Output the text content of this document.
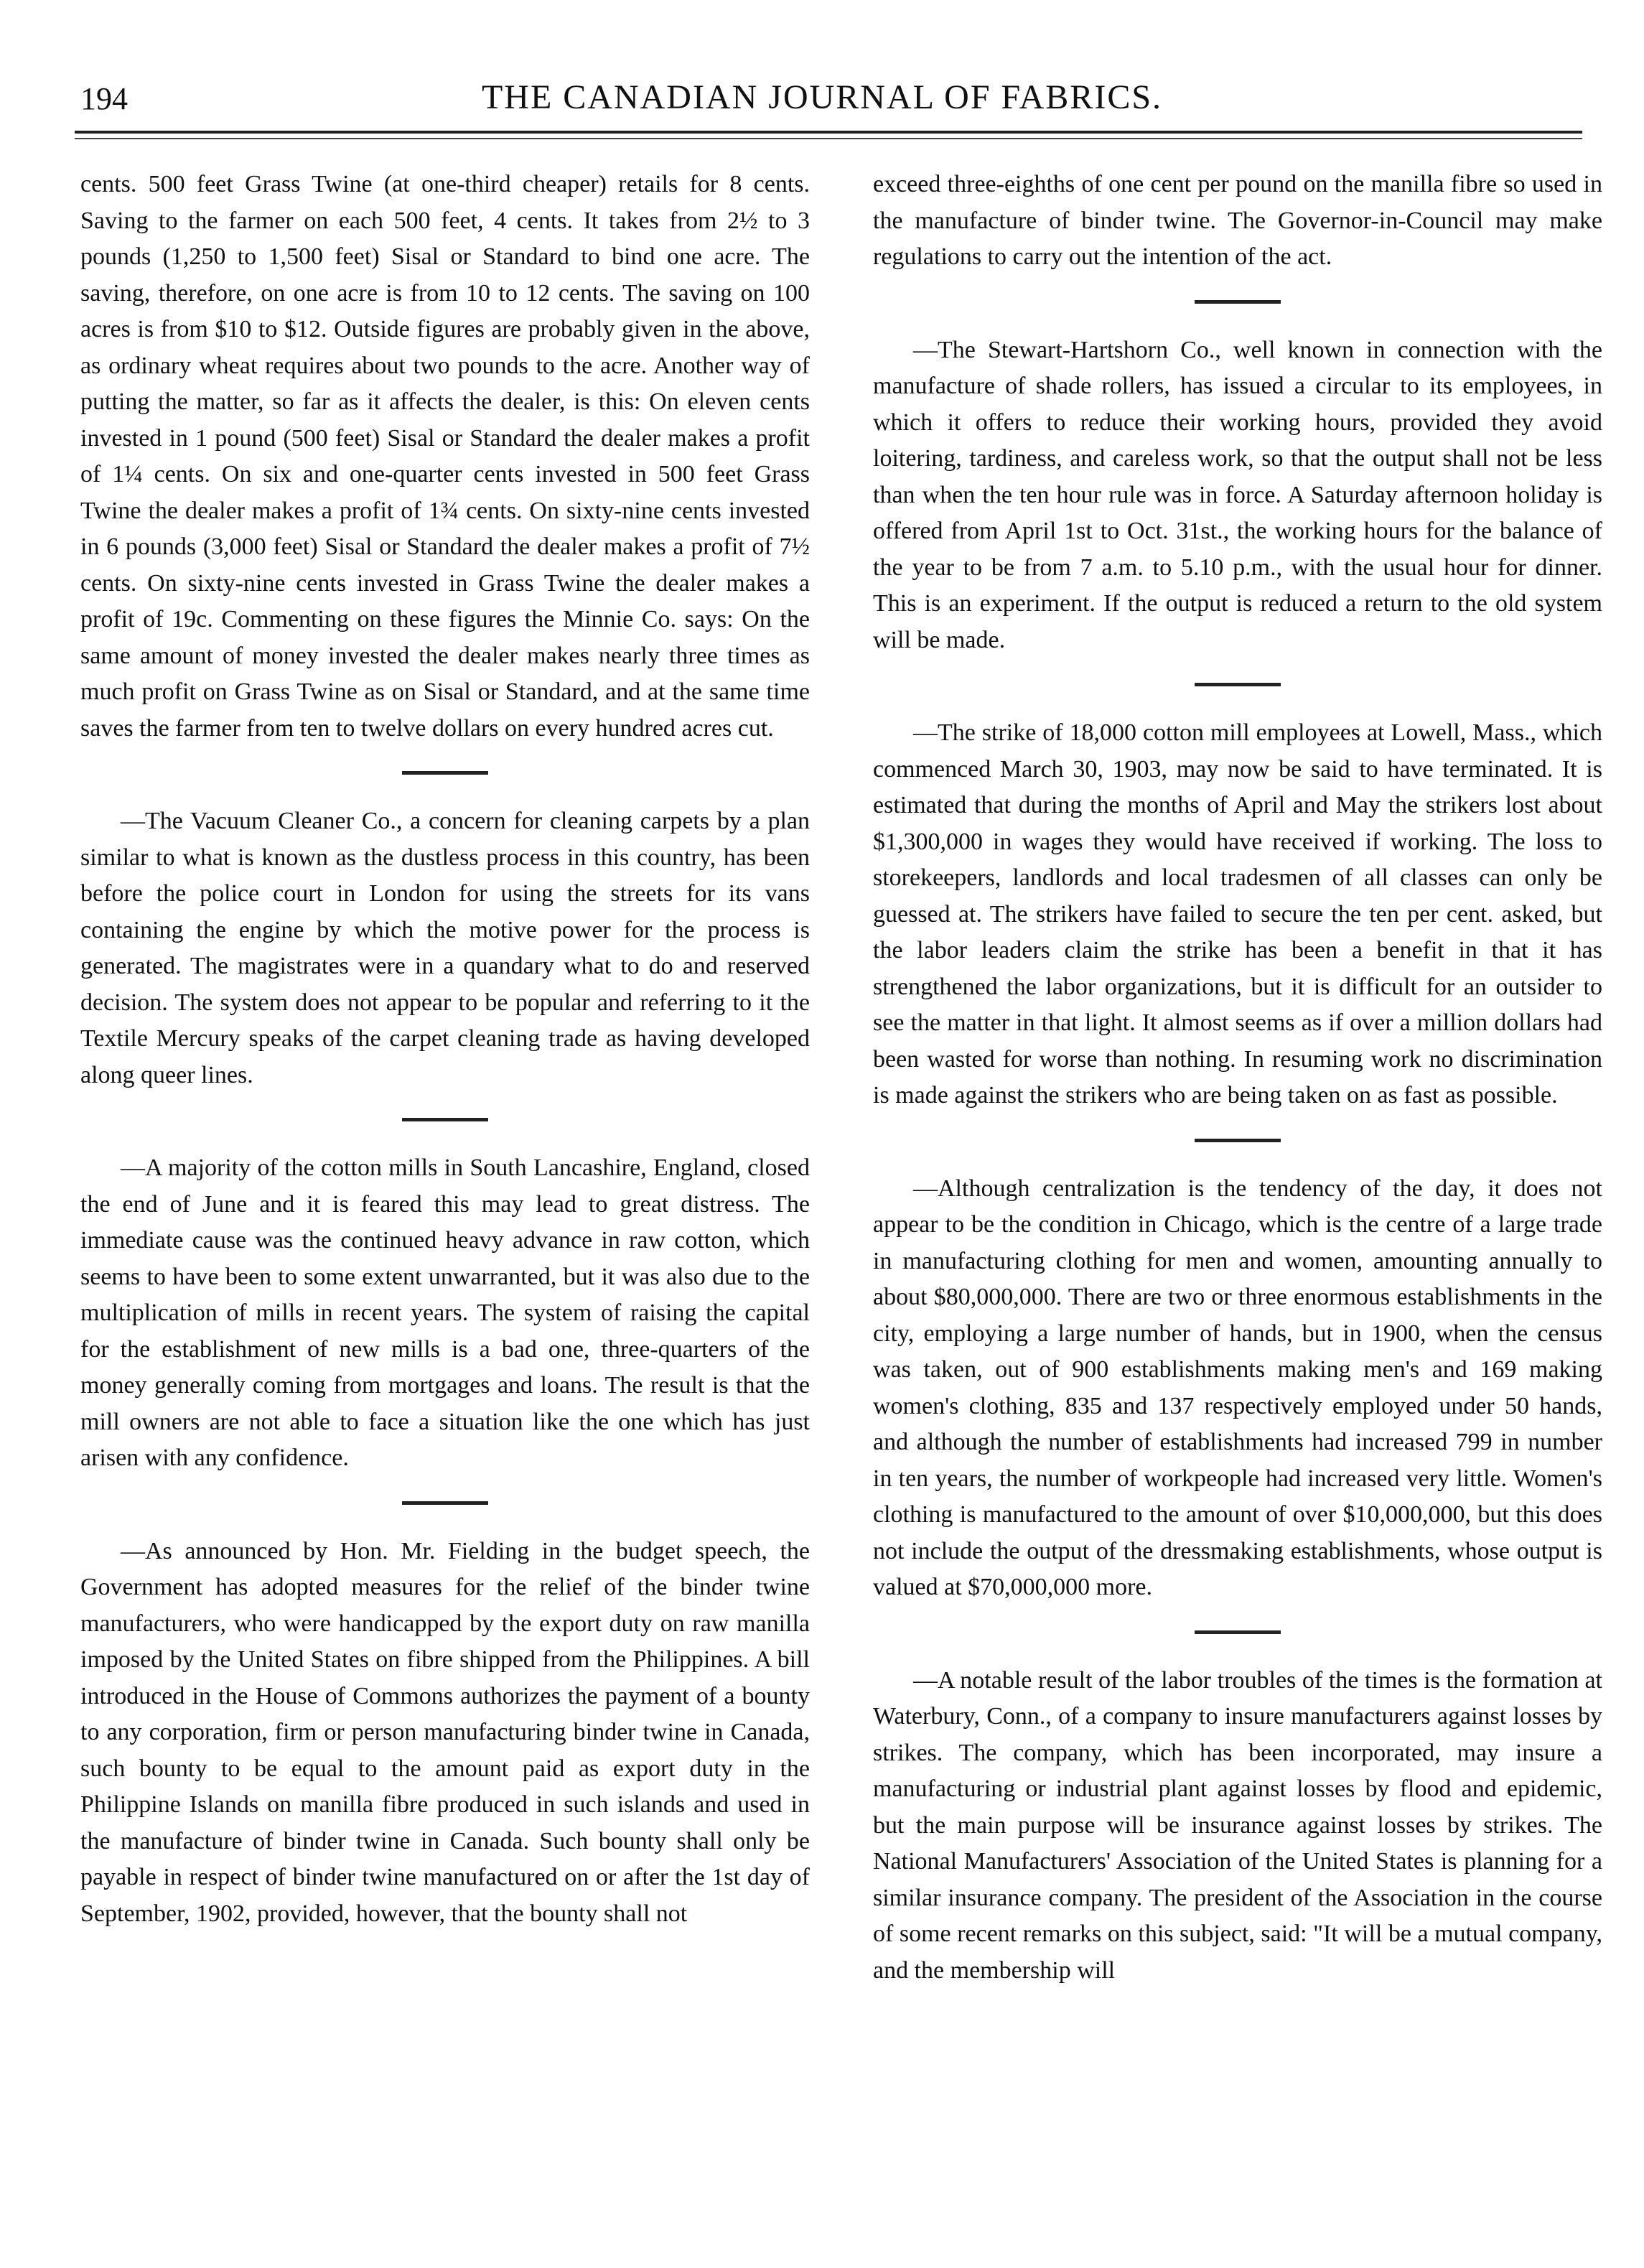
194	THE CANADIAN JOURNAL OF FABRICS.

cents. 500 feet Grass Twine (at one-third cheaper) retails for 8 cents. Saving to the farmer on each 500 feet, 4 cents. It takes from 2½ to 3 pounds (1,250 to 1,500 feet) Sisal or Standard to bind one acre. The saving, therefore, on one acre is from 10 to 12 cents. The saving on 100 acres is from $10 to $12. Outside figures are probably given in the above, as ordinary wheat requires about two pounds to the acre. Another way of putting the matter, so far as it affects the dealer, is this: On eleven cents invested in 1 pound (500 feet) Sisal or Standard the dealer makes a profit of 1¼ cents. On six and one-quarter cents invested in 500 feet Grass Twine the dealer makes a profit of 1¾ cents. On sixty-nine cents invested in 6 pounds (3,000 feet) Sisal or Standard the dealer makes a profit of 7½ cents. On sixty-nine cents invested in Grass Twine the dealer makes a profit of 19c. Commenting on these figures the Minnie Co. says: On the same amount of money invested the dealer makes nearly three times as much profit on Grass Twine as on Sisal or Standard, and at the same time saves the farmer from ten to twelve dollars on every hundred acres cut.

—The Vacuum Cleaner Co., a concern for cleaning carpets by a plan similar to what is known as the dustless process in this country, has been before the police court in London for using the streets for its vans containing the engine by which the motive power for the process is generated. The magistrates were in a quandary what to do and reserved decision. The system does not appear to be popular and referring to it the Textile Mercury speaks of the carpet cleaning trade as having developed along queer lines.

—A majority of the cotton mills in South Lancashire, England, closed the end of June and it is feared this may lead to great distress. The immediate cause was the continued heavy advance in raw cotton, which seems to have been to some extent unwarranted, but it was also due to the multiplication of mills in recent years. The system of raising the capital for the establishment of new mills is a bad one, three-quarters of the money generally coming from mortgages and loans. The result is that the mill owners are not able to face a situation like the one which has just arisen with any confidence.

—As announced by Hon. Mr. Fielding in the budget speech, the Government has adopted measures for the relief of the binder twine manufacturers, who were handicapped by the export duty on raw manilla imposed by the United States on fibre shipped from the Philippines. A bill introduced in the House of Commons authorizes the payment of a bounty to any corporation, firm or person manufacturing binder twine in Canada, such bounty to be equal to the amount paid as export duty in the Philippine Islands on manilla fibre produced in such islands and used in the manufacture of binder twine in Canada. Such bounty shall only be payable in respect of binder twine manufactured on or after the 1st day of September, 1902, provided, however, that the bounty shall not

exceed three-eighths of one cent per pound on the manilla fibre so used in the manufacture of binder twine. The Governor-in-Council may make regulations to carry out the intention of the act.

—The Stewart-Hartshorn Co., well known in connection with the manufacture of shade rollers, has issued a circular to its employees, in which it offers to reduce their working hours, provided they avoid loitering, tardiness, and careless work, so that the output shall not be less than when the ten hour rule was in force. A Saturday afternoon holiday is offered from April 1st to Oct. 31st., the working hours for the balance of the year to be from 7 a.m. to 5.10 p.m., with the usual hour for dinner. This is an experiment. If the output is reduced a return to the old system will be made.

—The strike of 18,000 cotton mill employees at Lowell, Mass., which commenced March 30, 1903, may now be said to have terminated. It is estimated that during the months of April and May the strikers lost about $1,300,000 in wages they would have received if working. The loss to storekeepers, landlords and local tradesmen of all classes can only be guessed at. The strikers have failed to secure the ten per cent. asked, but the labor leaders claim the strike has been a benefit in that it has strengthened the labor organizations, but it is difficult for an outsider to see the matter in that light. It almost seems as if over a million dollars had been wasted for worse than nothing. In resuming work no discrimination is made against the strikers who are being taken on as fast as possible.

—Although centralization is the tendency of the day, it does not appear to be the condition in Chicago, which is the centre of a large trade in manufacturing clothing for men and women, amounting annually to about $80,000,000. There are two or three enormous establishments in the city, employing a large number of hands, but in 1900, when the census was taken, out of 900 establishments making men's and 169 making women's clothing, 835 and 137 respectively employed under 50 hands, and although the number of establishments had increased 799 in number in ten years, the number of workpeople had increased very little. Women's clothing is manufactured to the amount of over $10,000,000, but this does not include the output of the dressmaking establishments, whose output is valued at $70,000,000 more.

—A notable result of the labor troubles of the times is the formation at Waterbury, Conn., of a company to insure manufacturers against losses by strikes. The company, which has been incorporated, may insure a manufacturing or industrial plant against losses by flood and epidemic, but the main purpose will be insurance against losses by strikes. The National Manufacturers' Association of the United States is planning for a similar insurance company. The president of the Association in the course of some recent remarks on this subject, said: "It will be a mutual company, and the membership will
